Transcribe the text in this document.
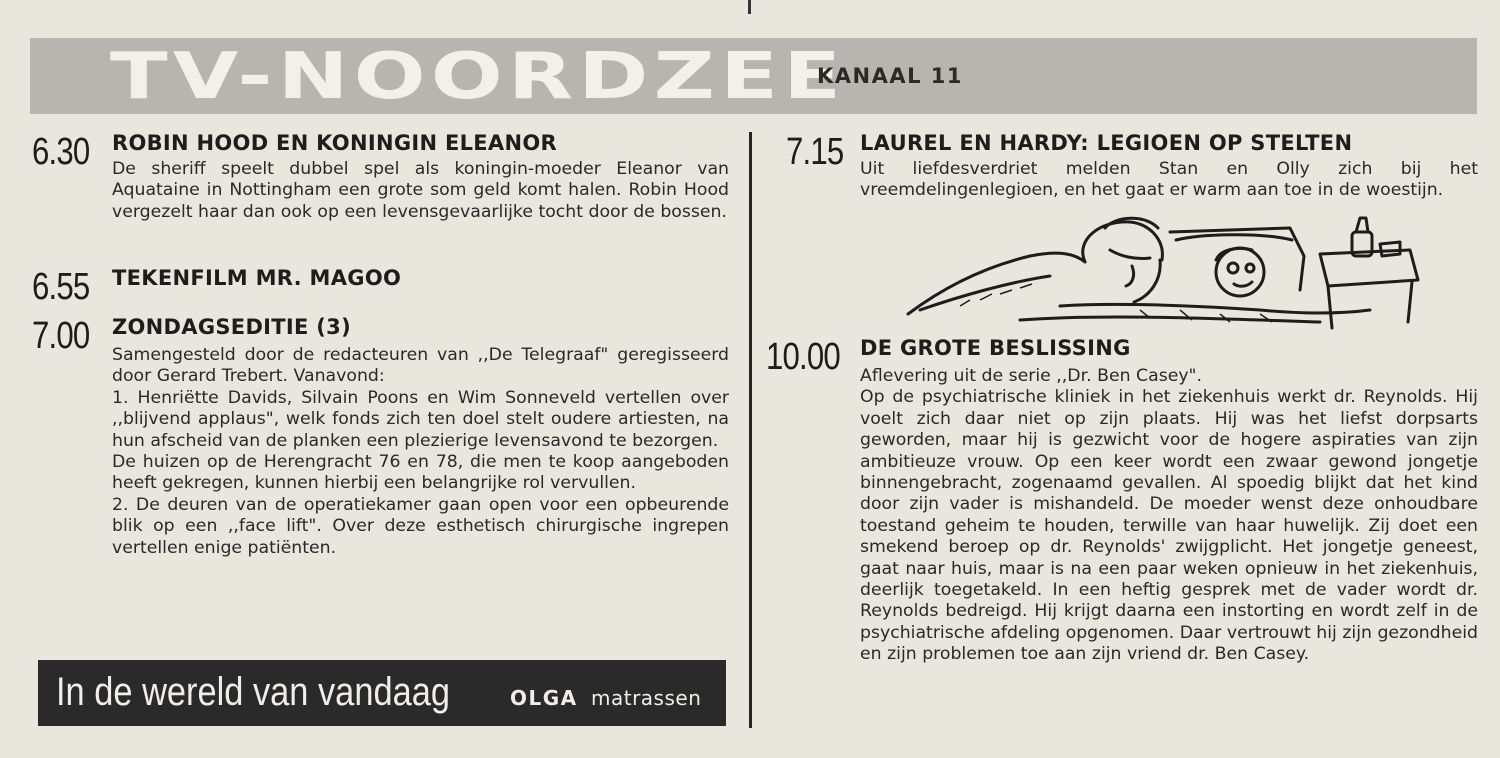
TV-NOORDZEE
KANAAL 11
6.30 ROBIN HOOD EN KONINGIN ELEANOR

De sheriff speelt dubbel spel als koningin-moeder Eleanor van Aquataine in Nottingham een grote som geld komt halen. Robin Hood vergezelt haar dan ook op een levensgevaarlijke tocht door de bossen.

6.55 TEKENFILM MR. MAGOO
7.00 ZONDAGSEDITIE (3)

Samengesteld door de redacteuren van ,,De Telegraaf" geregisseerd door Gerard Trebert. Vanavond:

1. Henriëtte Davids, Silvain Poons en Wim Sonneveld vertellen over ,,blijvend applaus", welk fonds zich ten doel stelt oudere artiesten, na hun afscheid van de planken een plezierige levensavond te bezorgen.

De huizen op de Herengracht 76 en 78, die men te koop aangeboden heeft gekregen, kunnen hierbij een belangrijke rol vervullen.

2. De deuren van de operatiekamer gaan open voor een opbeurende blik op een ,,face lift". Over deze esthetisch chirurgische ingrepen vertellen enige patiënten.

In de wereld van vandaag	OLGA matrassen
7.15 LAUREL EN HARDY: LEGIOEN OP STELTEN

Uit liefdesverdriet melden Stan en Olly zich bij het vreemdelingenlegioen, en het gaat er warm aan toe in de woestijn.

10.00 DE GROTE BESLISSING

Aflevering uit de serie ,,Dr. Ben Casey".

Op de psychiatrische kliniek in het ziekenhuis werkt dr. Reynolds. Hij voelt zich daar niet op zijn plaats. Hij was het liefst dorpsarts geworden, maar hij is gezwicht voor de hogere aspiraties van zijn ambitieuze vrouw. Op een keer wordt een zwaar gewond jongetje binnengebracht, zogenaamd gevallen. Al spoedig blijkt dat het kind door zijn vader is mishandeld. De moeder wenst deze onhoudbare toestand geheim te houden, terwille van haar huwelijk. Zij doet een smekend beroep op dr. Reynolds' zwijgplicht. Het jongetje geneest, gaat naar huis, maar is na een paar weken opnieuw in het ziekenhuis, deerlijk toegetakeld. In een heftig gesprek met de vader wordt dr. Reynolds bedreigd. Hij krijgt daarna een instorting en wordt zelf in de psychiatrische afdeling opgenomen. Daar vertrouwt hij zijn gezondheid en zijn problemen toe aan zijn vriend dr. Ben Casey.
